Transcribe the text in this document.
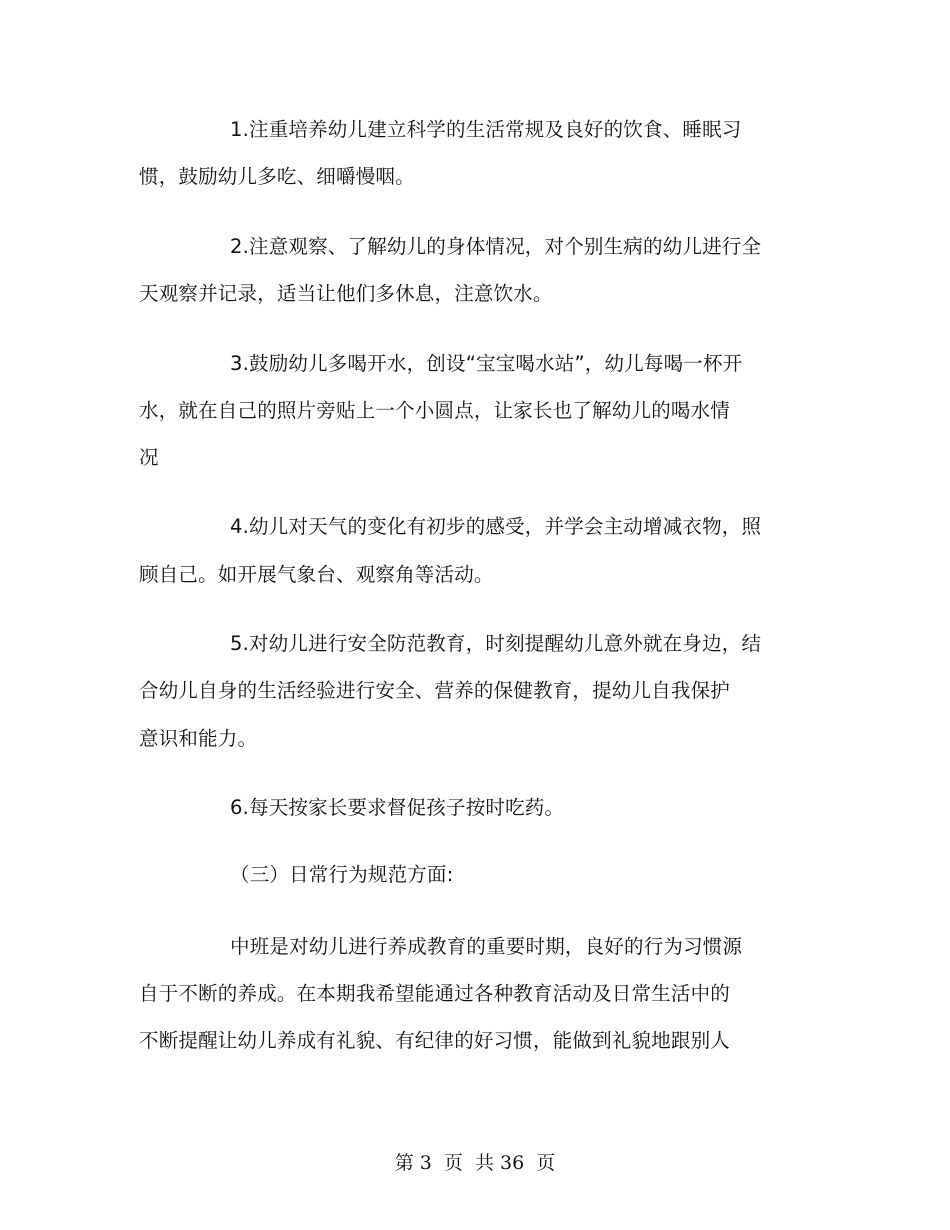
1.注重培养幼儿建立科学的生活常规及良好的饮食、睡眠习
惯，鼓励幼儿多吃、细嚼慢咽。
2.注意观察、了解幼儿的身体情况，对个别生病的幼儿进行全
天观察并记录，适当让他们多休息，注意饮水。
3.鼓励幼儿多喝开水，创设“宝宝喝水站”，幼儿每喝一杯开
水，就在自己的照片旁贴上一个小圆点，让家长也了解幼儿的喝水情
况
4.幼儿对天气的变化有初步的感受，并学会主动增减衣物，照
顾自己。如开展气象台、观察角等活动。
5.对幼儿进行安全防范教育，时刻提醒幼儿意外就在身边，结
合幼儿自身的生活经验进行安全、营养的保健教育，提幼儿自我保护
意识和能力。
6.每天按家长要求督促孩子按时吃药。
（三）日常行为规范方面:
中班是对幼儿进行养成教育的重要时期，良好的行为习惯源
自于不断的养成。在本期我希望能通过各种教育活动及日常生活中的
不断提醒让幼儿养成有礼貌、有纪律的好习惯，能做到礼貌地跟别人
第 3  页  共 36  页
